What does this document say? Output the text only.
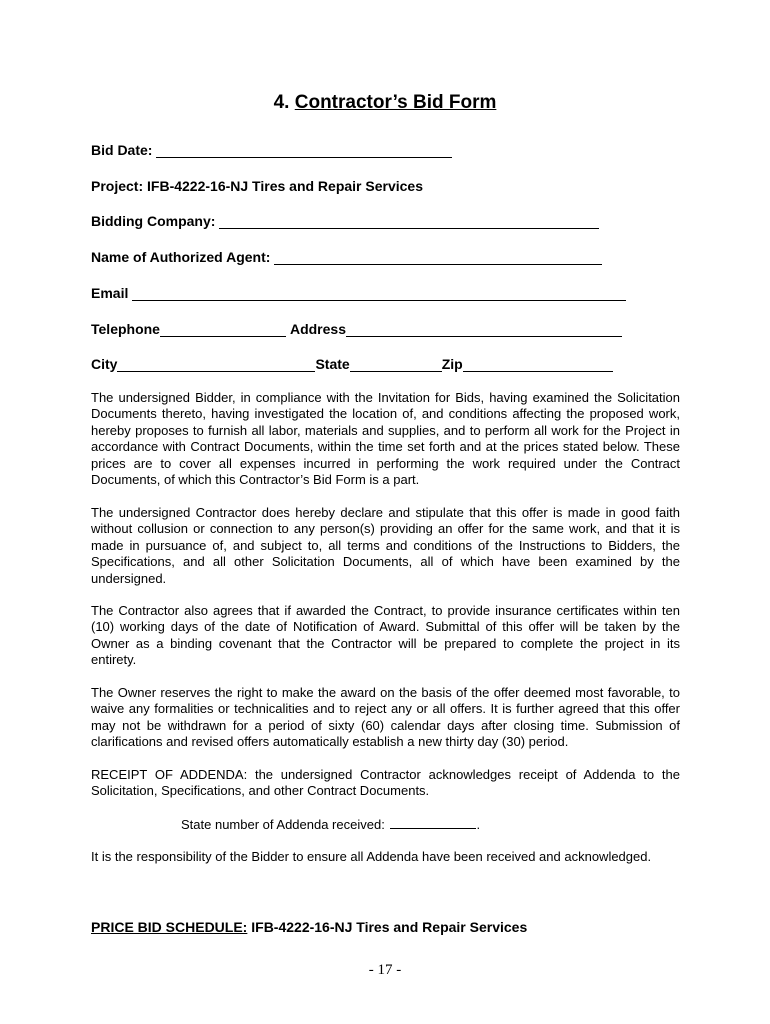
4. Contractor’s Bid Form
Bid Date:
Project: IFB-4222-16-NJ Tires and Repair Services
Bidding Company:
Name of Authorized Agent:
Email
Telephone	Address
City	State	Zip

The undersigned Bidder, in compliance with the Invitation for Bids, having examined the Solicitation Documents thereto, having investigated the location of, and conditions affecting the proposed work, hereby proposes to furnish all labor, materials and supplies, and to perform all work for the Project in accordance with Contract Documents, within the time set forth and at the prices stated below. These prices are to cover all expenses incurred in performing the work required under the Contract Documents, of which this Contractor’s Bid Form is a part.

The undersigned Contractor does hereby declare and stipulate that this offer is made in good faith without collusion or connection to any person(s) providing an offer for the same work, and that it is made in pursuance of, and subject to, all terms and conditions of the Instructions to Bidders, the Specifications, and all other Solicitation Documents, all of which have been examined by the undersigned.

The Contractor also agrees that if awarded the Contract, to provide insurance certificates within ten (10) working days of the date of Notification of Award. Submittal of this offer will be taken by the Owner as a binding covenant that the Contractor will be prepared to complete the project in its entirety.

The Owner reserves the right to make the award on the basis of the offer deemed most favorable, to waive any formalities or technicalities and to reject any or all offers. It is further agreed that this offer may not be withdrawn for a period of sixty (60) calendar days after closing time. Submission of clarifications and revised offers automatically establish a new thirty day (30) period.

RECEIPT OF ADDENDA: the undersigned Contractor acknowledges receipt of Addenda to the Solicitation, Specifications, and other Contract Documents.

State number of Addenda received:	.
It is the responsibility of the Bidder to ensure all Addenda have been received and acknowledged.
PRICE BID SCHEDULE: IFB-4222-16-NJ Tires and Repair Services
- 17 -
